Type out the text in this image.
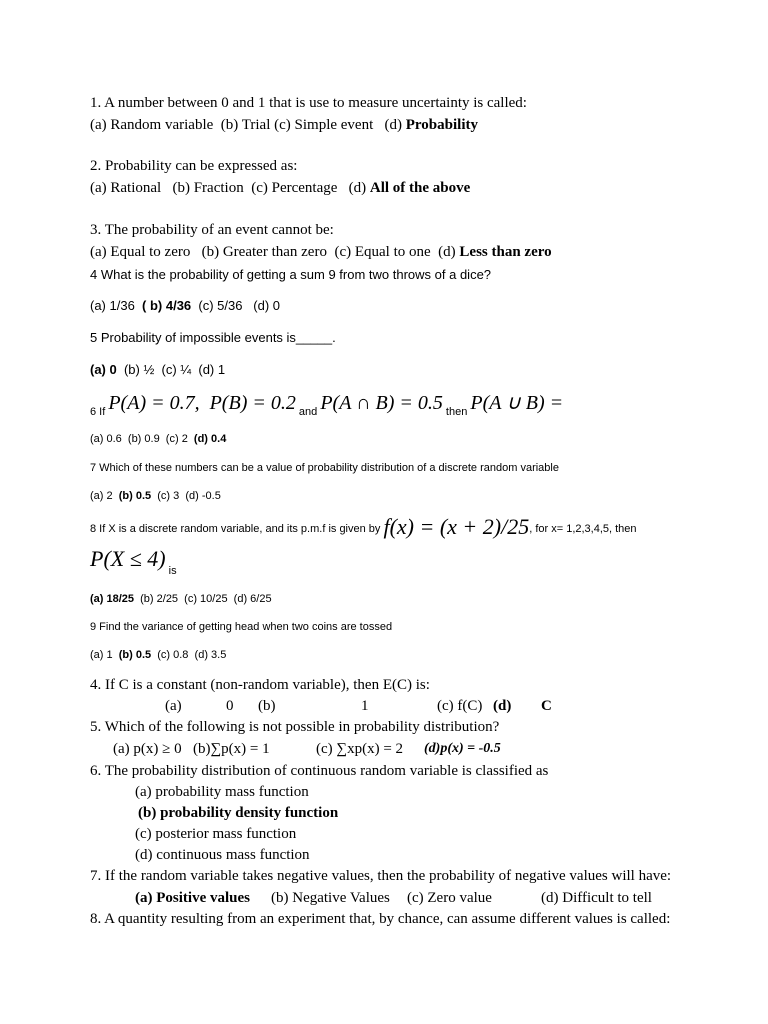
1. A number between 0 and 1 that is use to measure uncertainty is called:
(a) Random variable  (b) Trial (c) Simple event   (d) Probability
2. Probability can be expressed as:
(a) Rational   (b) Fraction  (c) Percentage   (d) All of the above
3. The probability of an event cannot be:
(a) Equal to zero   (b) Greater than zero  (c) Equal to one  (d) Less than zero
4 What is the probability of getting a sum 9 from two throws of a dice?
(a) 1/36  ( b) 4/36  (c) 5/36   (d) 0
5 Probability of impossible events is_____.
(a) 0  (b) ½  (c) ¼  (d) 1
$_{6 If}$ P(A) = 0.7,  P(B) = 0.2 $_{and}$ P(A ∩ B) = 0.5 $_{then}$ P(A ∪ B) =
(a) 0.6  (b) 0.9  (c) 2  (d) 0.4
7 Which of these numbers can be a value of probability distribution of a discrete random variable
(a) 2  (b) 0.5  (c) 3  (d) -0.5
8 If X is a discrete random variable, and its p.m.f is given by f(x) = (x + 2)/25, for x= 1,2,3,4,5, then
P(X ≤ 4) $_{is}$
(a) 18/25  (b) 2/25  (c) 10/25  (d) 6/25
9 Find the variance of getting head when two coins are tossed
(a) 1  (b) 0.5  (c) 0.8  (d) 3.5
4. If C is a constant (non-random variable), then E(C) is:
(a)	0 (b)	1	(c) f(C) (d) C
5. Which of the following is not possible in probability distribution?
(a) p(x) ≥ 0 (b)∑p(x) = 1	(c) ∑xp(x) = 2 (d)p(x) = -0.5
6. The probability distribution of continuous random variable is classified as
(a) probability mass function
(b) probability density function
(c) posterior mass function
(d) continuous mass function
7. If the random variable takes negative values, then the probability of negative values will have:
(a) Positive values (b) Negative Values (c) Zero value	(d) Difficult to tell
8. A quantity resulting from an experiment that, by chance, can assume different values is called:
